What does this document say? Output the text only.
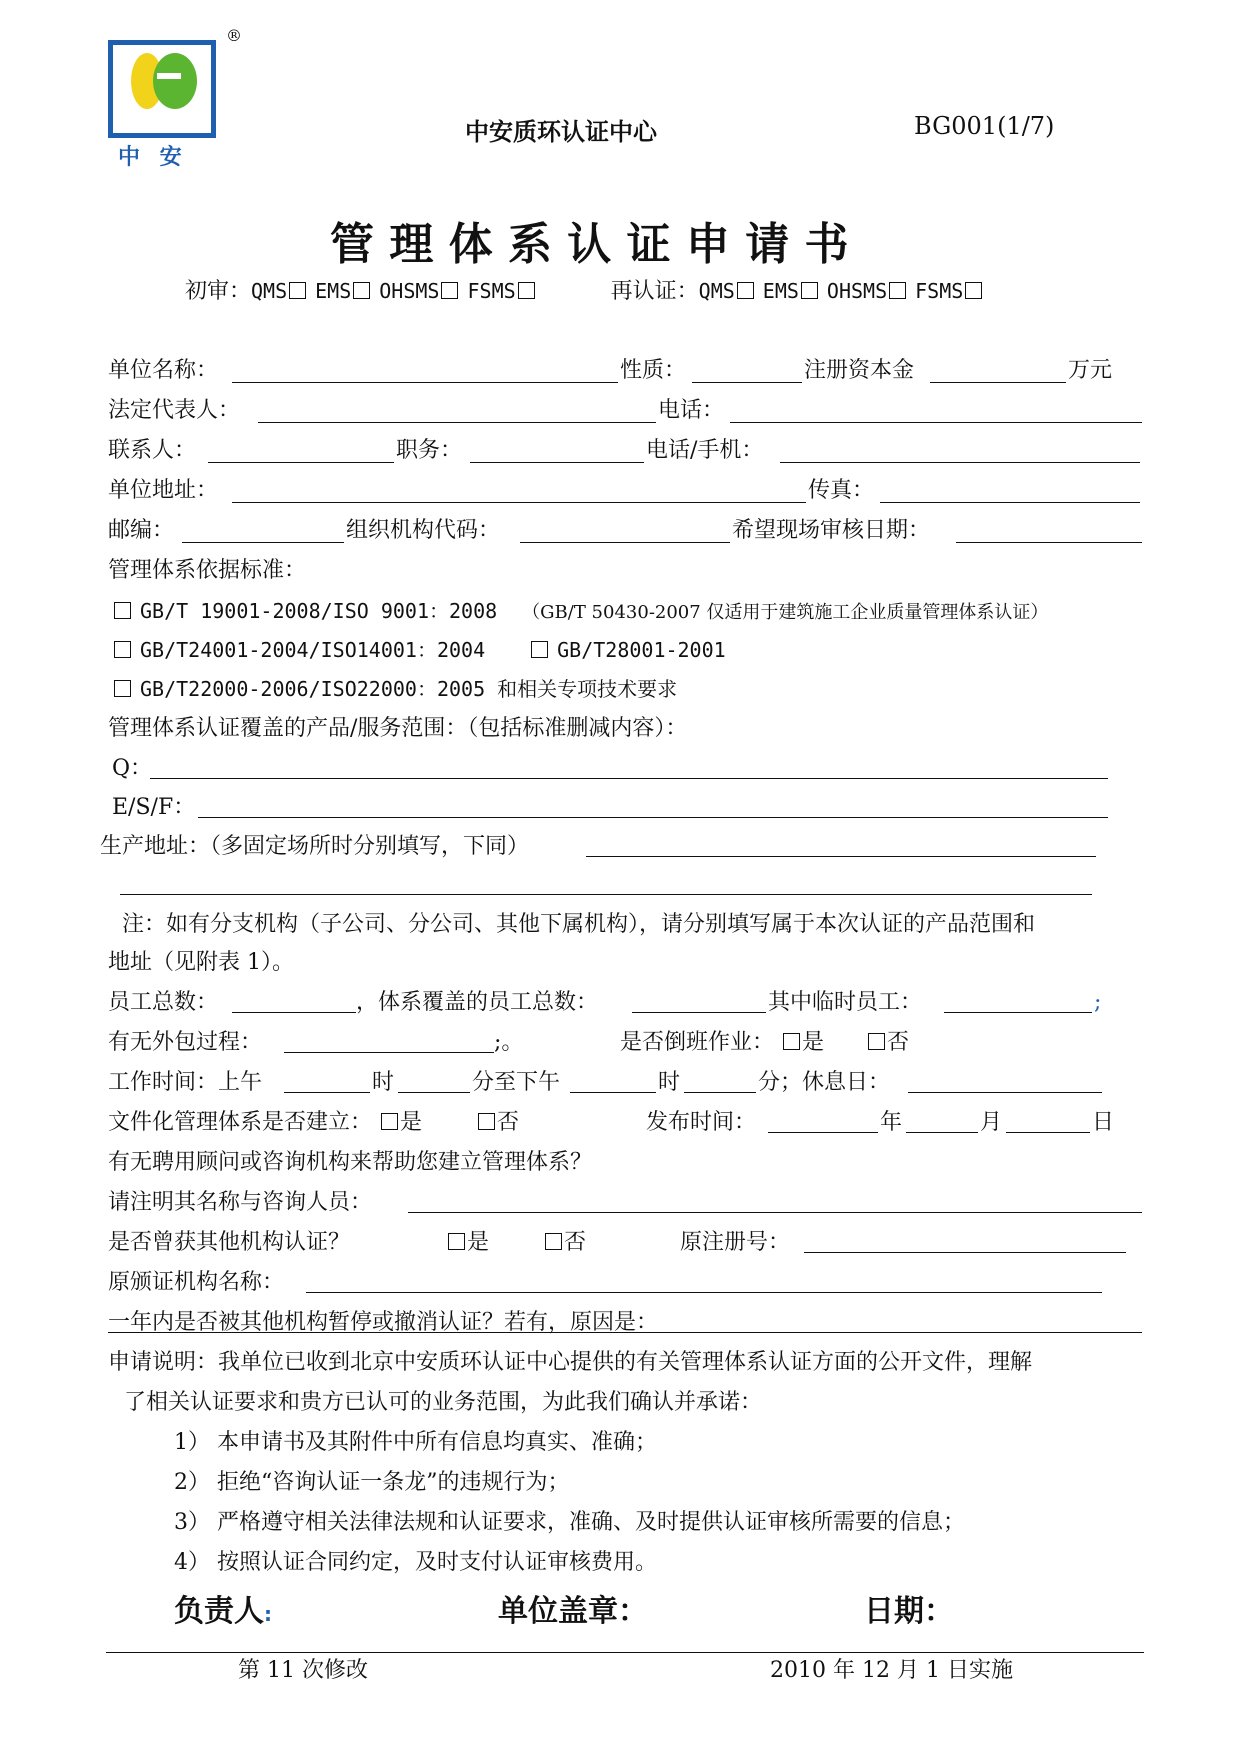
中 安
®
中安质环认证中心	BG001(1/7)
管 理 体 系 认 证 申 请 书
初审：QMS EMS OHSMS FSMS	再认证：QMS EMS OHSMS FSMS
单位名称：	性质：	注册资本金	万元
法定代表人：	电话：
联系人：	职务：	电话/手机：
单位地址：	传真：
邮编：	组织机构代码：	希望现场审核日期：
管理体系依据标准：
GB/T 19001-2008/ISO 9001：2008 （GB/T 50430-2007 仅适用于建筑施工企业质量管理体系认证）
GB/T24001-2004/ISO14001：2004	GB/T28001-2001
GB/T22000-2006/ISO22000：2005 和相关专项技术要求
管理体系认证覆盖的产品/服务范围：（包括标准删减内容）：
Q：
E/S/F：
生产地址：（多固定场所时分别填写，下同）
注：如有分支机构（子公司、分公司、其他下属机构），请分别填写属于本次认证的产品范围和
地址（见附表 1）。
员工总数：	，体系覆盖的员工总数：	其中临时员工：	;
有无外包过程：	;。	是否倒班作业： 是	否
工作时间：上午	时	分至下午	时	分；休息日：
文件化管理体系是否建立： 是	否	发布时间：	年	月	日
有无聘用顾问或咨询机构来帮助您建立管理体系？
请注明其名称与咨询人员：
是否曾获其他机构认证？	是	否	原注册号：
原颁证机构名称：
一年内是否被其他机构暂停或撤消认证？若有，原因是：
申请说明：我单位已收到北京中安质环认证中心提供的有关管理体系认证方面的公开文件，理解
了相关认证要求和贵方已认可的业务范围，为此我们确认并承诺：
1） 本申请书及其附件中所有信息均真实、准确；
2） 拒绝“咨询认证一条龙”的违规行为；
3） 严格遵守相关法律法规和认证要求，准确、及时提供认证审核所需要的信息；
4） 按照认证合同约定，及时支付认证审核费用。
负责人:	单位盖章：	日期：
第 11 次修改	2010 年 12 月 1 日实施
